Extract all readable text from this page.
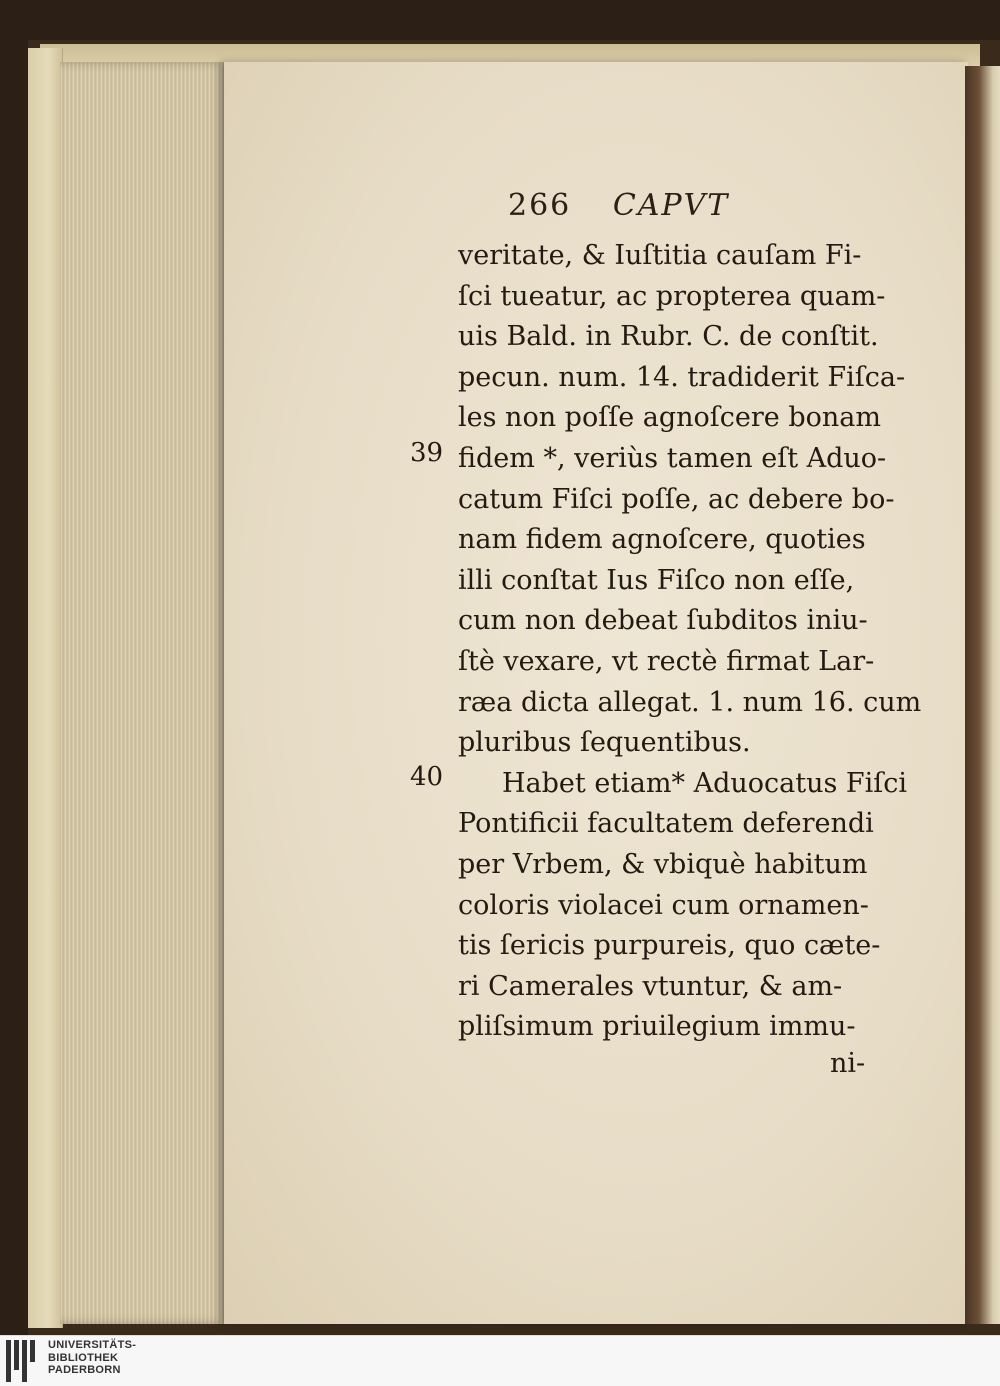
266 CAPVT
veritate, & Iuſtitia cauſam Fi-
ſci tueatur, ac propterea quam-
uis Bald. in Rubr. C. de conſtit.
pecun. num. 14. tradiderit Fiſca-
les non poſſe agnoſcere bonam
fidem *, veriùs tamen eſt Aduo-
catum Fiſci poſſe, ac debere bo-
nam fidem agnoſcere, quoties
illi conſtat Ius Fiſco non eſſe,
cum non debeat ſubditos iniu-
ſtè vexare, vt rectè firmat Lar-
ræa dicta allegat. 1. num 16. cum
pluribus ſequentibus.
Habet etiam* Aduocatus Fiſci
Pontificii facultatem deferendi
per Vrbem, & vbiquè habitum
coloris violacei cum ornamen-
tis ſericis purpureis, quo cæte-
ri Camerales vtuntur, & am-
pliſsimum priuilegium immu-
39
40
ni-
UNIVERSITÄTS-
BIBLIOTHEK
PADERBORN
